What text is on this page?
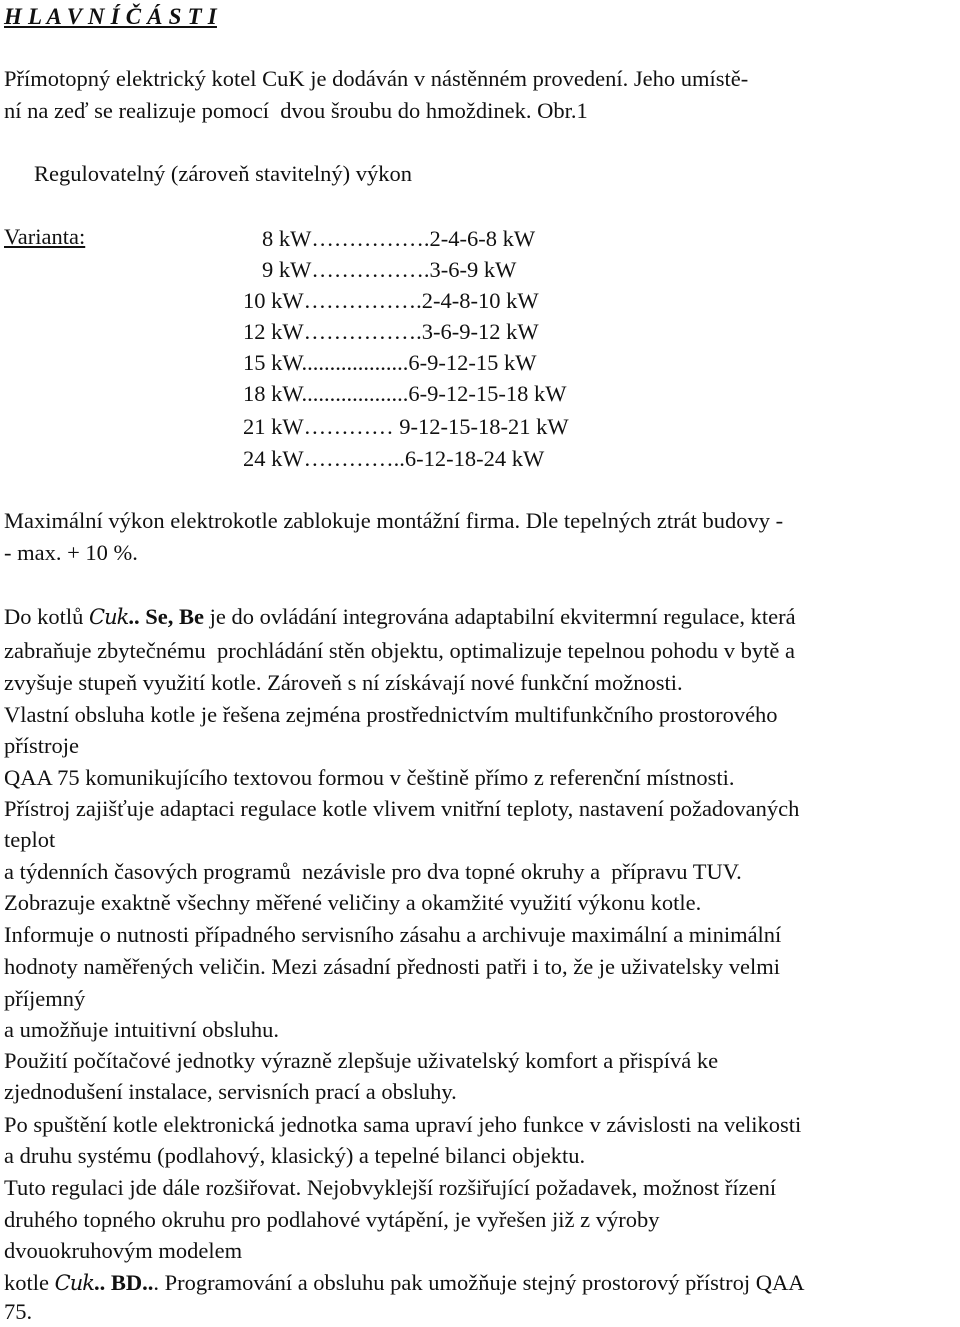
H L A V N Í Č Á S T I
Přímotopný elektrický kotel CuK je dodáván v nástěnném provedení. Jeho umístě-
ní na zeď se realizuje pomocí  dvou šroubu do hmoždinek. Obr.1
Regulovatelný (zároveň stavitelný) výkon
Varianta:	8 kW…………….2-4-6-8 kW
9 kW…………….3-6-9 kW
10 kW…………….2-4-8-10 kW
12 kW…………….3-6-9-12 kW
15 kW...................6-9-12-15 kW
18 kW...................6-9-12-15-18 kW
21 kW………… 9-12-15-18-21 kW
24 kW…………..6-12-18-24 kW
Maximální výkon elektrokotle zablokuje montážní firma. Dle tepelných ztrát budovy -
- max. + 10 %.
Do kotlů Cuk.. Se, Be je do ovládání integrována adaptabilní ekvitermní regulace, která
zabraňuje zbytečnému  prochládání stěn objektu, optimalizuje tepelnou pohodu v bytě a
zvyšuje stupeň využití kotle. Zároveň s ní získávají nové funkční možnosti.
Vlastní obsluha kotle je řešena zejména prostřednictvím multifunkčního prostorového
přístroje
QAA 75 komunikujícího textovou formou v češtině přímo z referenční místnosti.
Přístroj zajišťuje adaptaci regulace kotle vlivem vnitřní teploty, nastavení požadovaných
teplot
a týdenních časových programů  nezávisle pro dva topné okruhy a  přípravu TUV.
Zobrazuje exaktně všechny měřené veličiny a okamžité využití výkonu kotle.
Informuje o nutnosti případného servisního zásahu a archivuje maximální a minimální
hodnoty naměřených veličin. Mezi zásadní přednosti patři i to, že je uživatelsky velmi
příjemný
a umožňuje intuitivní obsluhu.
Použití počítačové jednotky výrazně zlepšuje uživatelský komfort a přispívá ke
zjednodušení instalace, servisních prací a obsluhy.
Po spuštění kotle elektronická jednotka sama upraví jeho funkce v závislosti na velikosti
a druhu systému (podlahový, klasický) a tepelné bilanci objektu.
Tuto regulaci jde dále rozšiřovat. Nejobvyklejší rozšiřující požadavek, možnost řízení
druhého topného okruhu pro podlahové vytápění, je vyřešen již z výroby
dvouokruhovým modelem
kotle Cuk.. BD... Programování a obsluhu pak umožňuje stejný prostorový přístroj QAA
75.
